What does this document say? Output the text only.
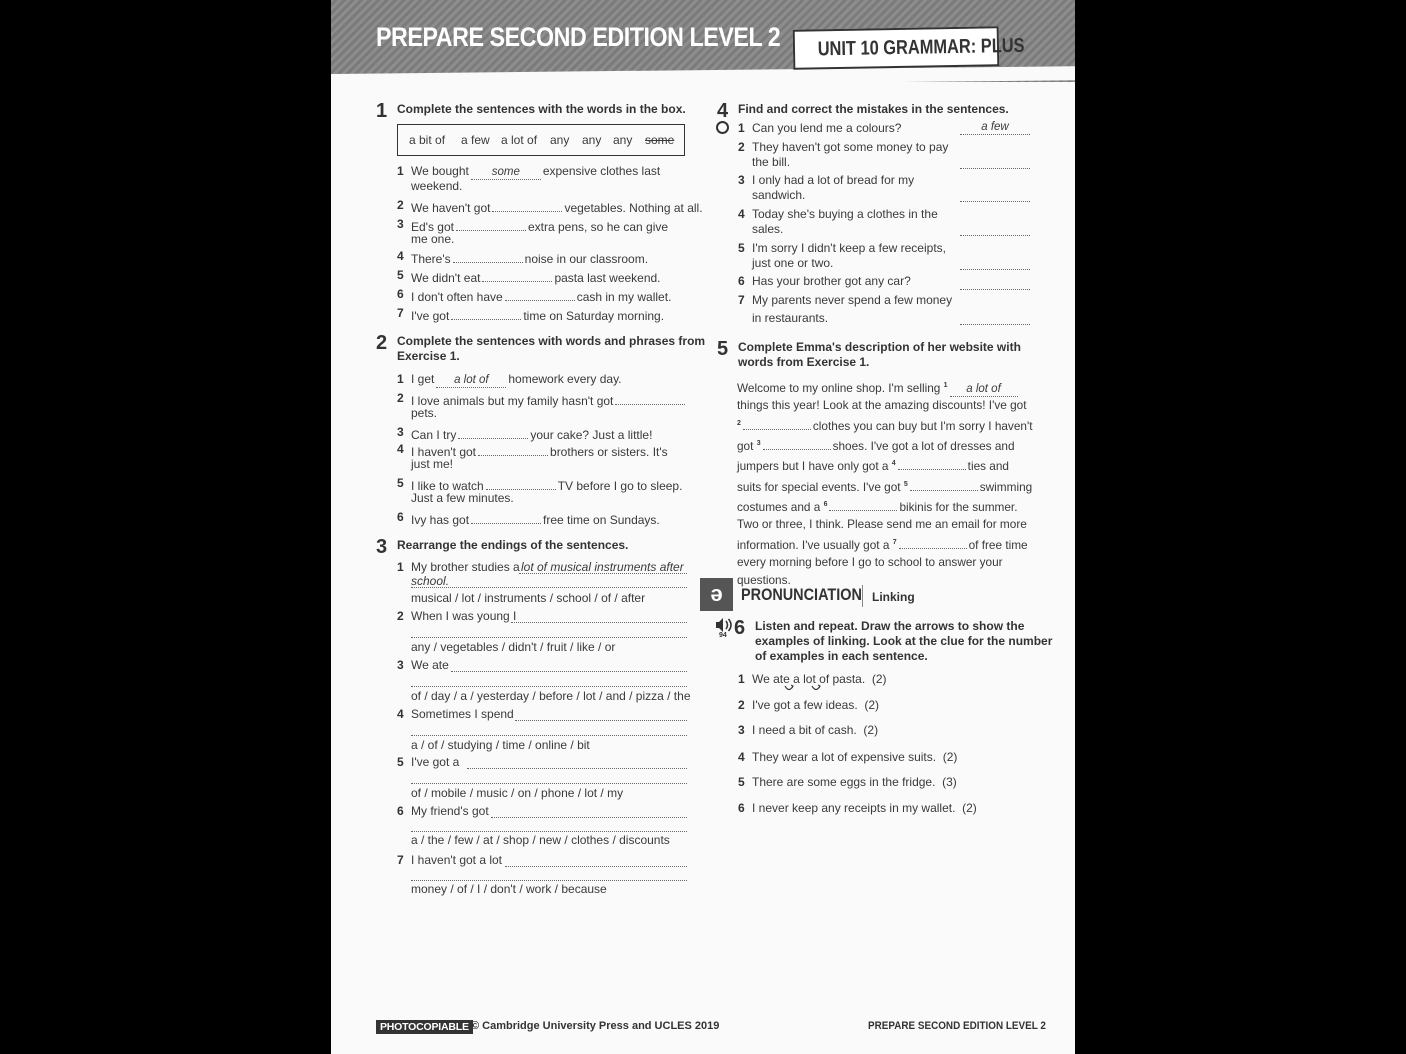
PREPARE SECOND EDITION LEVEL 2	UNIT 10 GRAMMAR: PLUS
1 Complete the sentences with the words in the box.
a bit of a few a lot of any any any some
1 We bought some expensive clothes last
weekend.
2 We haven't got	vegetables. Nothing at all.
3 Ed's got	extra pens, so he can give
me one.
4 There's	noise in our classroom.
5 We didn't eat	pasta last weekend.
6 I don't often have	cash in my wallet.
7 I've got	time on Saturday morning.
2 Complete the sentences with words and phrases from
Exercise 1.
1 I get a lot of homework every day.
2 I love animals but my family hasn't got
pets.
3 Can I try	your cake? Just a little!
4 I haven't got	brothers or sisters. It's
just me!
5 I like to watch	TV before I go to sleep.
Just a few minutes.
6 Ivy has got	free time on Sundays.
3 Rearrange the endings of the sentences.
1 My brother studies a lot of musical instruments after
school.
musical / lot / instruments / school / of / after
2 When I was young I
any / vegetables / didn't / fruit / like / or
3 We ate
of / day / a / yesterday / before / lot / and / pizza / the
4 Sometimes I spend
a / of / studying / time / online / bit
5 I've got a
of / mobile / music / on / phone / lot / my
6 My friend's got
a / the / few / at / shop / new / clothes / discounts
7 I haven't got a lot
money / of / I / don't / work / because
4 Find and correct the mistakes in the sentences.
1 Can you lend me a colours?	a few
2 They haven't got some money to pay
the bill.
3 I only had a lot of bread for my
sandwich.
4 Today she's buying a clothes in the
sales.
5 I'm sorry I didn't keep a few receipts,
just one or two.
6 Has your brother got any car?
7 My parents never spend a few money
in restaurants.
5 Complete Emma's description of her website with
words from Exercise 1.
Welcome to my online shop. I'm selling $^1$ a lot of things this year! Look at the amazing discounts! I've got $^2$	clothes you can buy but I'm sorry I haven't got $^3$	shoes. I've got a lot of dresses and jumpers but I have only got a $^4$	ties and suits for special events. I've got $^5$	swimming costumes and a $^6$	bikinis for the summer. Two or three, I think. Please send me an email for more information. I've usually got a $^7$	of free time every morning before I go to school to answer your questions.
ə	PRONUNCIATION Linking
94 6 Listen and repeat. Draw the arrows to show the
examples of linking. Look at the clue for the number
of examples in each sentence.
1 We ate a lot of pasta. (2)
2 I've got a few ideas. (2)
3 I need a bit of cash. (2)
4 They wear a lot of expensive suits. (2)
5 There are some eggs in the fridge. (3)
6 I never keep any receipts in my wallet. (2)
PHOTOCOPIABLE © Cambridge University Press and UCLES 2019	PREPARE SECOND EDITION LEVEL 2
